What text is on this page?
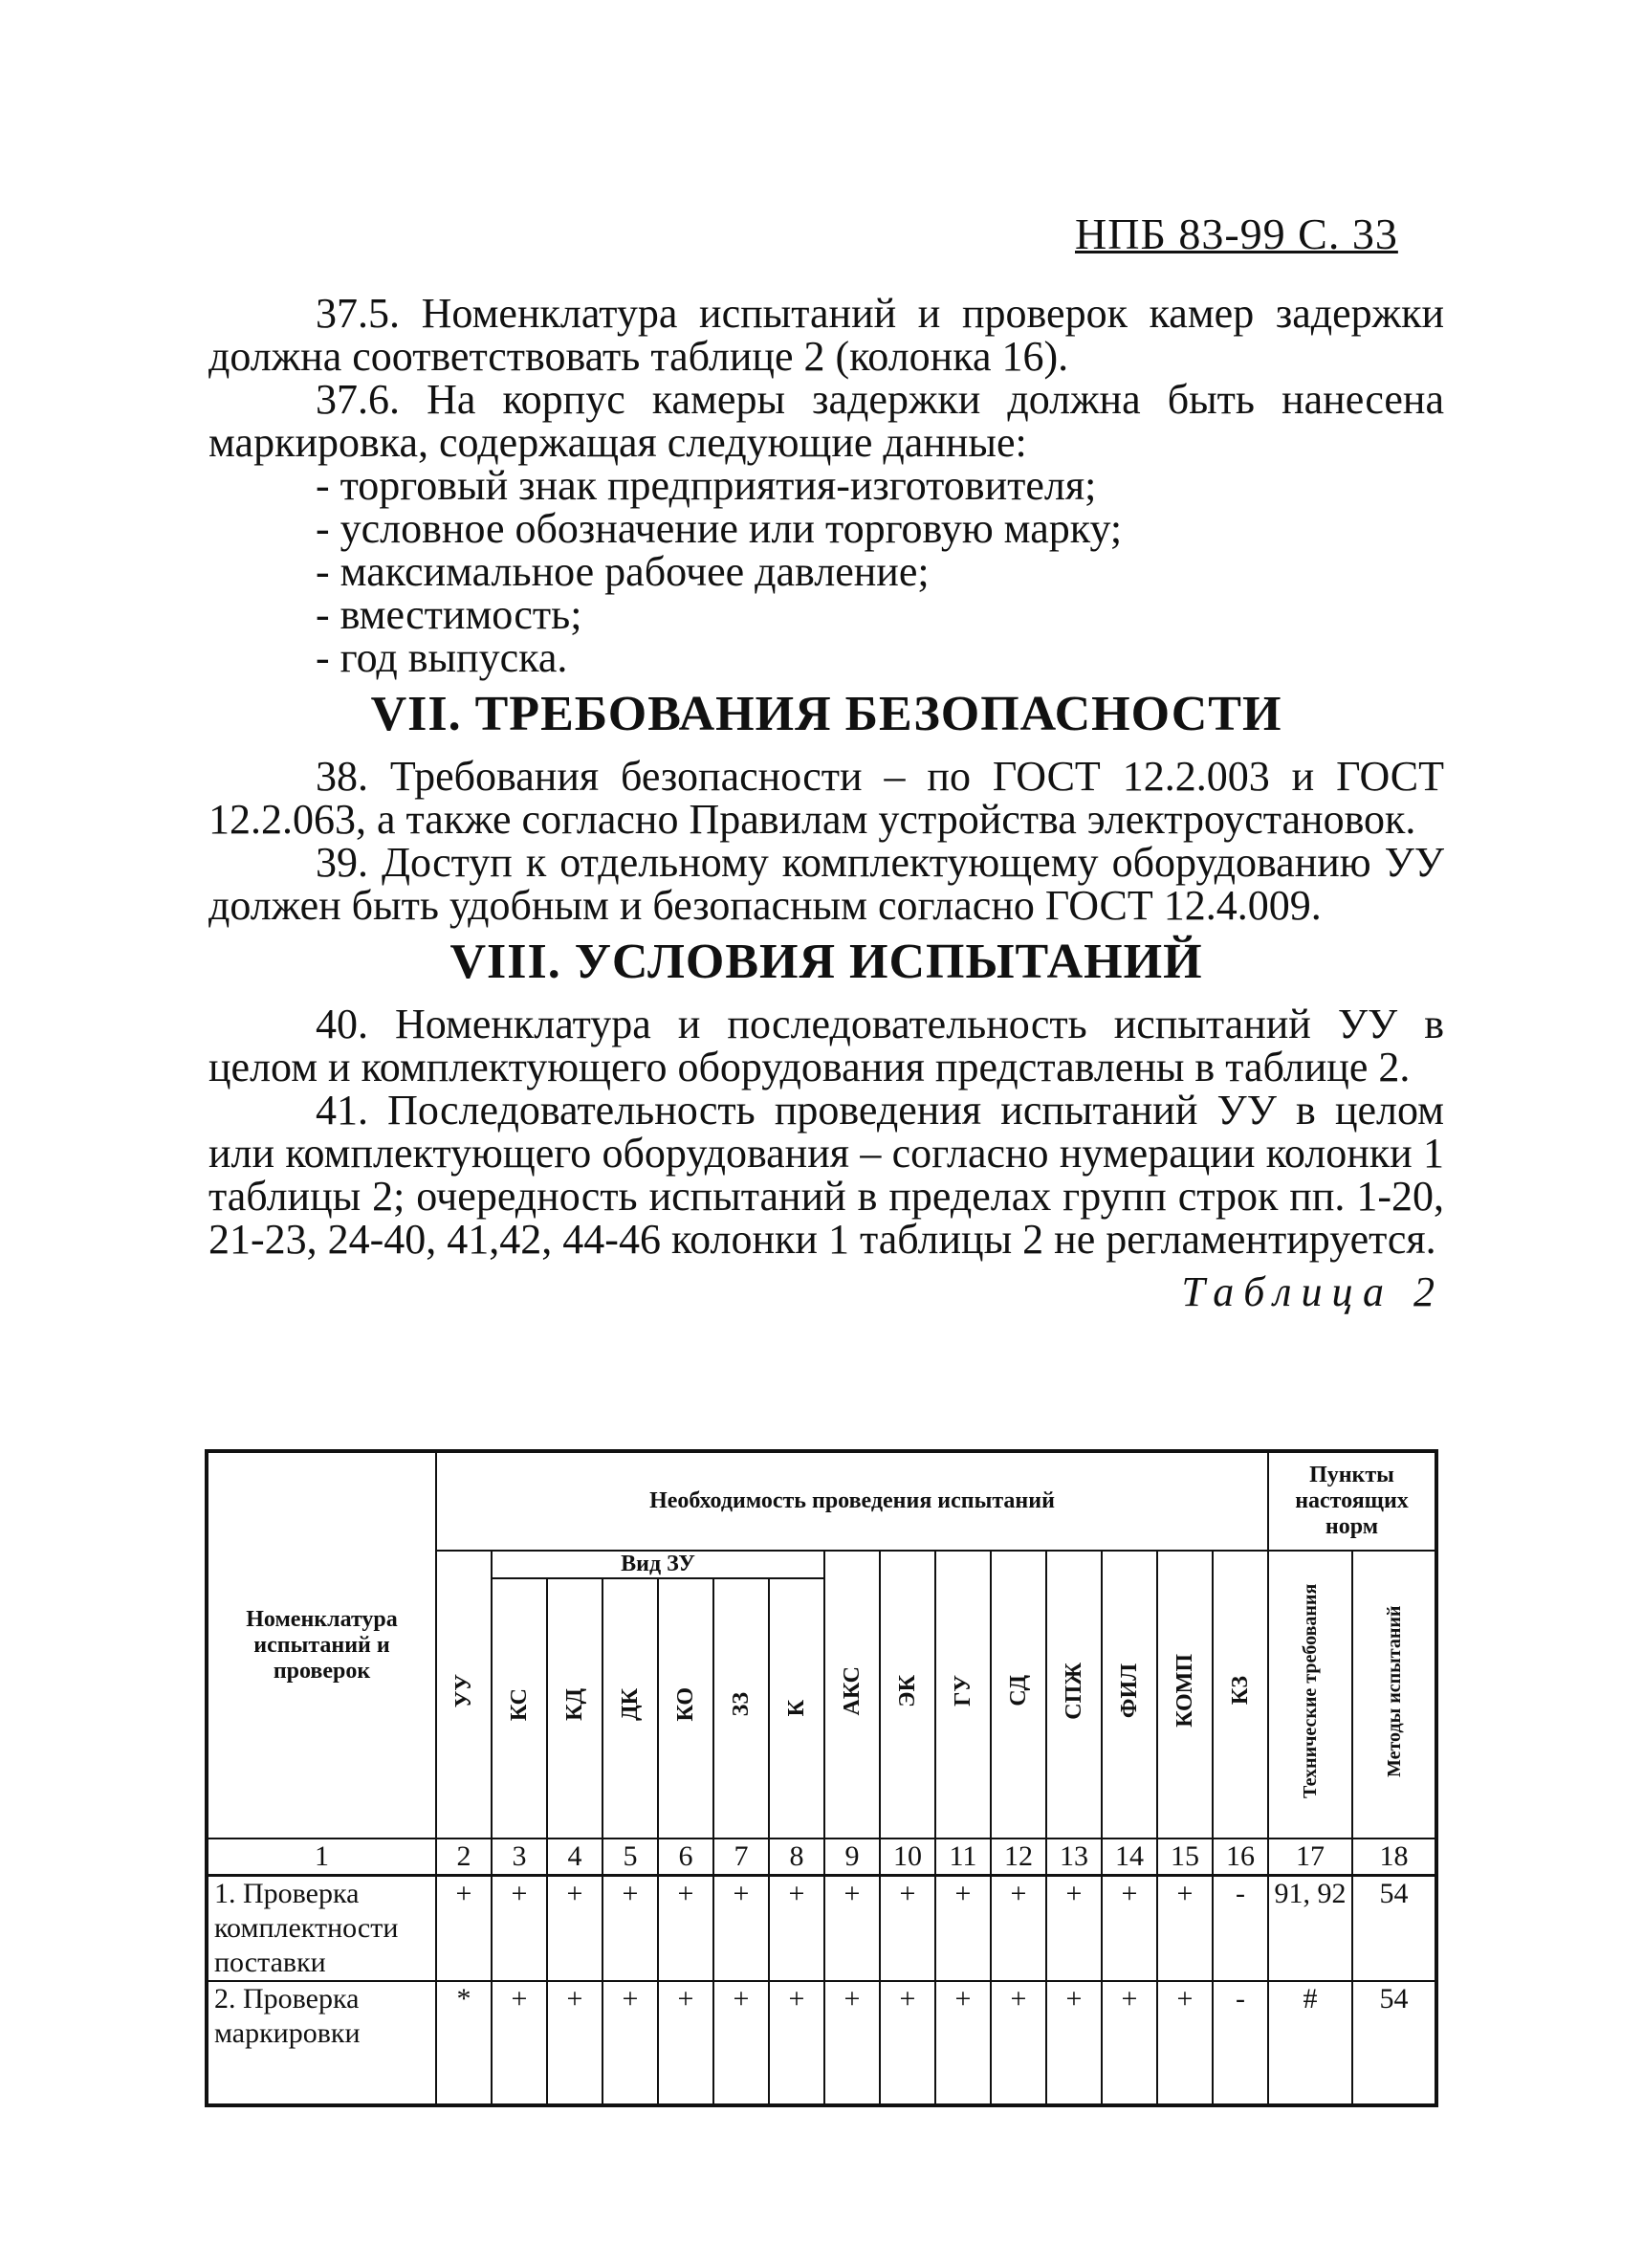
НПБ 83-99 С. 33

37.5. Номенклатура испытаний и проверок камер задержки должна соответствовать таблице 2 (колонка 16).

37.6. На корпус камеры задержки должна быть нанесена маркировка, содержащая следующие данные:

- торговый знак предприятия-изготовителя;

- условное обозначение или торговую марку;

- максимальное рабочее давление;

- вместимость;

- год выпуска.

VII. ТРЕБОВАНИЯ БЕЗОПАСНОСТИ

38. Требования безопасности – по ГОСТ 12.2.003 и ГОСТ 12.2.063, а также согласно Правилам устройства электроустановок.

39. Доступ к отдельному комплектующему оборудованию УУ должен быть удобным и безопасным согласно ГОСТ 12.4.009.

VIII. УСЛОВИЯ ИСПЫТАНИЙ

40. Номенклатура и последовательность испытаний УУ в целом и комплектующего оборудования представлены в таблице 2.

41. Последовательность проведения испытаний УУ в целом или комплектующего оборудования – согласно нумерации колонки 1 таблицы 2; очередность испытаний в пределах групп строк пп. 1-20, 21-23, 24-40, 41,42, 44-46 колонки 1 таблицы 2 не регламентируется.

Таблица 2
Номенклатура испытаний и проверок	Необходимость проведения испытаний															Пункты настоящих норм	
	УУ	Вид ЗУ						АКС	ЭК	ГУ	СД	СПЖ	ФИЛ	КОМП	КЗ	Технические требования	Методы испытаний
		КС	КД	ДК	КО	ЗЗ	К										
1	2	3	4	5	6	7	8	9	10	11	12	13	14	15	16	17	18
1. Проверка комплектности поставки	+	+	+	+	+	+	+	+	+	+	+	+	+	+	-	91, 92	54
2. Проверка маркировки	*	+	+	+	+	+	+	+	+	+	+	+	+	+	-	#	54
